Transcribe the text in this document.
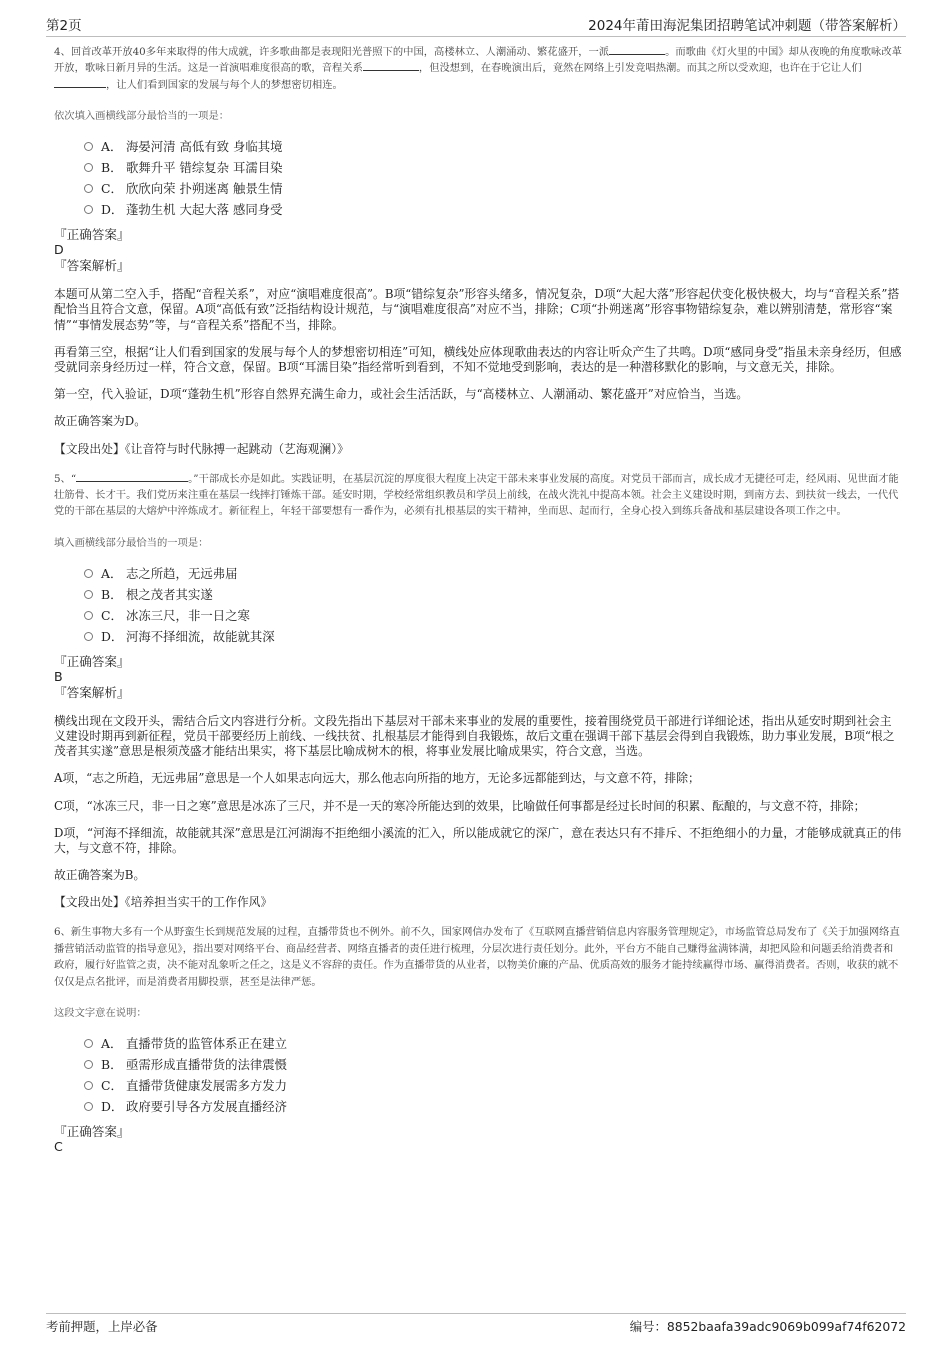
第2页	2024年莆田海泥集团招聘笔试冲刺题（带答案解析）

4、回首改革开放40多年来取得的伟大成就，许多歌曲都是表现阳光普照下的中国，高楼林立、人潮涌动、繁花盛开，一派	。而歌曲《灯火里的中国》却从夜晚的角度歌咏改革开放，歌咏日新月异的生活。这是一首演唱难度很高的歌，音程关系	，但没想到，在春晚演出后，竟然在网络上引发竞唱热潮。而其之所以受欢迎，也许在于它让人们，让人们看到国家的发展与每个人的梦想密切相连。

依次填入画横线部分最恰当的一项是：

A． 海晏河清 高低有致 身临其境
B． 歌舞升平 错综复杂 耳濡目染
C． 欣欣向荣 扑朔迷离 触景生情
D． 蓬勃生机 大起大落 感同身受
『正确答案』
D
『答案解析』

本题可从第二空入手，搭配“音程关系”，对应“演唱难度很高”。B项“错综复杂”形容头绪多，情况复杂，D项“大起大落”形容起伏变化极快极大，均与“音程关系”搭配恰当且符合文意，保留。A项“高低有致”泛指结构设计规范，与“演唱难度很高”对应不当，排除；C项“扑朔迷离”形容事物错综复杂，难以辨别清楚，常形容“案情”“事情发展态势”等，与“音程关系”搭配不当，排除。

再看第三空，根据“让人们看到国家的发展与每个人的梦想密切相连”可知，横线处应体现歌曲表达的内容让听众产生了共鸣。D项“感同身受”指虽未亲身经历，但感受就同亲身经历过一样，符合文意，保留。B项“耳濡目染”指经常听到看到，不知不觉地受到影响，表达的是一种潜移默化的影响，与文意无关，排除。

第一空，代入验证，D项“蓬勃生机”形容自然界充满生命力，或社会生活活跃，与“高楼林立、人潮涌动、繁花盛开”对应恰当，当选。

故正确答案为D。

【文段出处】《让音符与时代脉搏一起跳动（艺海观澜）》

5、“	。”干部成长亦是如此。实践证明，在基层沉淀的厚度很大程度上决定干部未来事业发展的高度。对党员干部而言，成长成才无捷径可走，经风雨、见世面才能壮筋骨、长才干。我们党历来注重在基层一线摔打锤炼干部。延安时期，学校经常组织教员和学员上前线，在战火洗礼中提高本领。社会主义建设时期，到南方去、到扶贫一线去，一代代党的干部在基层的大熔炉中淬炼成才。新征程上，年轻干部要想有一番作为，必须有扎根基层的实干精神，坐而思、起而行，全身心投入到练兵备战和基层建设各项工作之中。

填入画横线部分最恰当的一项是：

A． 志之所趋，无远弗届
B． 根之茂者其实遂
C． 冰冻三尺，非一日之寒
D． 河海不择细流，故能就其深
『正确答案』
B
『答案解析』

横线出现在文段开头，需结合后文内容进行分析。文段先指出下基层对干部未来事业的发展的重要性，接着围绕党员干部进行详细论述，指出从延安时期到社会主义建设时期再到新征程，党员干部要经历上前线、一线扶贫、扎根基层才能得到自我锻炼，故后文重在强调干部下基层会得到自我锻炼，助力事业发展，B项“根之茂者其实遂”意思是根须茂盛才能结出果实，将下基层比喻成树木的根，将事业发展比喻成果实，符合文意，当选。

A项，“志之所趋，无远弗届”意思是一个人如果志向远大，那么他志向所指的地方，无论多远都能到达，与文意不符，排除；

C项，“冰冻三尺，非一日之寒”意思是冰冻了三尺，并不是一天的寒冷所能达到的效果，比喻做任何事都是经过长时间的积累、酝酿的，与文意不符，排除；

D项，“河海不择细流，故能就其深”意思是江河湖海不拒绝细小溪流的汇入，所以能成就它的深广，意在表达只有不排斥、不拒绝细小的力量，才能够成就真正的伟大，与文意不符，排除。

故正确答案为B。

【文段出处】《培养担当实干的工作作风》

6、新生事物大多有一个从野蛮生长到规范发展的过程，直播带货也不例外。前不久，国家网信办发布了《互联网直播营销信息内容服务管理规定》，市场监管总局发布了《关于加强网络直播营销活动监管的指导意见》，指出要对网络平台、商品经营者、网络直播者的责任进行梳理，分层次进行责任划分。此外，平台方不能自己赚得盆满钵满，却把风险和问题丢给消费者和政府，履行好监管之责，决不能对乱象听之任之，这是义不容辞的责任。作为直播带货的从业者，以物美价廉的产品、优质高效的服务才能持续赢得市场、赢得消费者。否则，收获的就不仅仅是点名批评，而是消费者用脚投票，甚至是法律严惩。

这段文字意在说明：

A． 直播带货的监管体系正在建立
B． 亟需形成直播带货的法律震慑
C． 直播带货健康发展需多方发力
D． 政府要引导各方发展直播经济
『正确答案』
C
考前押题，上岸必备	编号：8852baafa39adc9069b099af74f62072
